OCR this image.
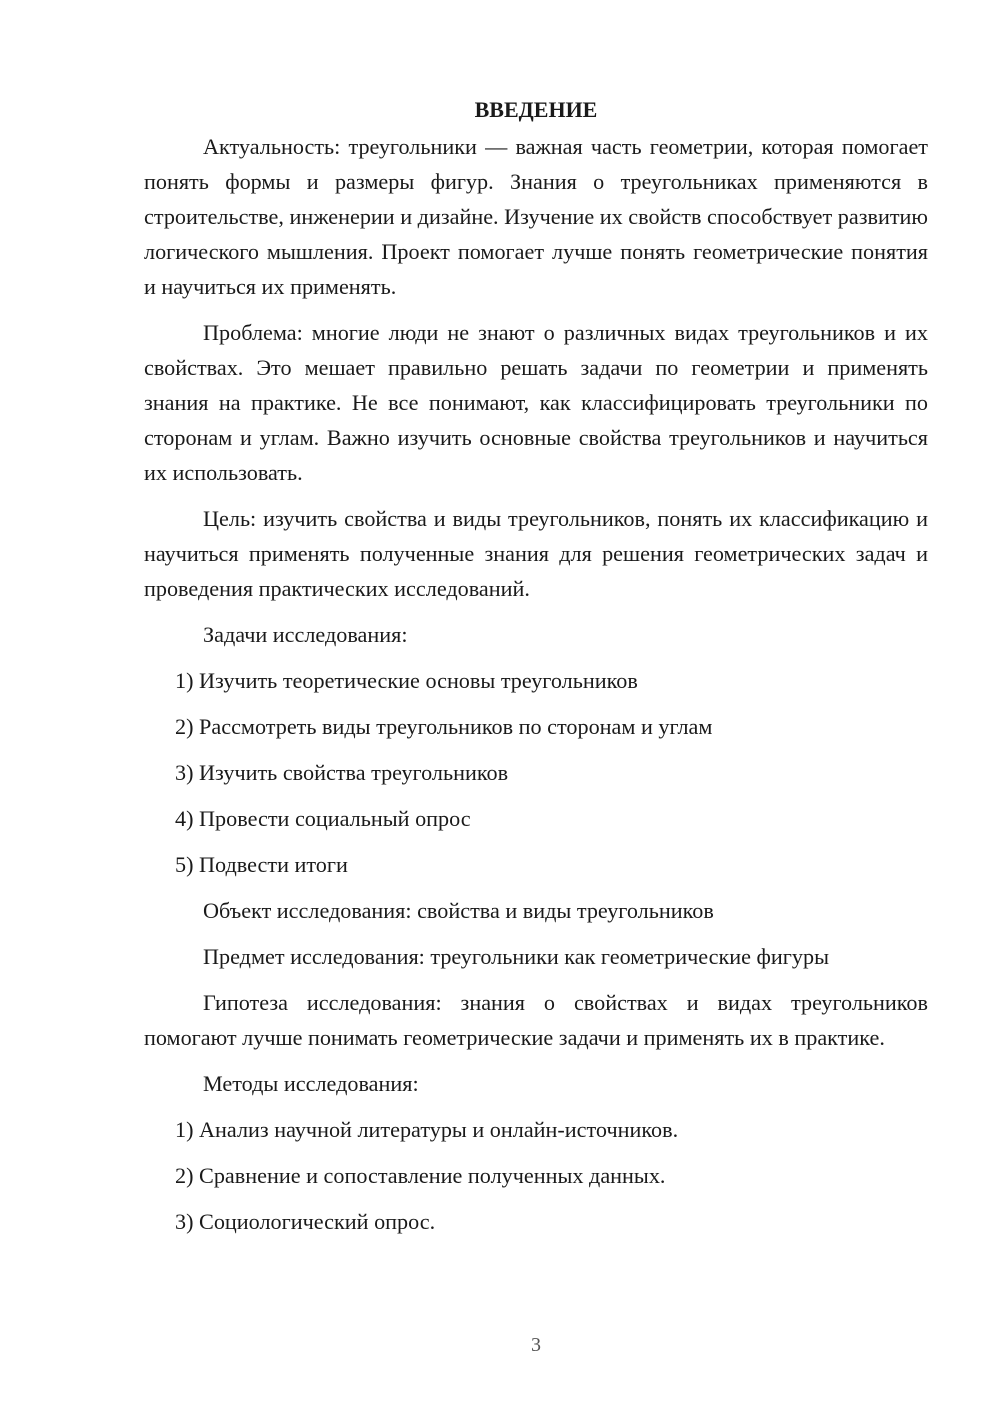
ВВЕДЕНИЕ

Актуальность: треугольники — важная часть геометрии, которая помогает понять формы и размеры фигур. Знания о треугольниках применяются в строительстве, инженерии и дизайне. Изучение их свойств способствует развитию логического мышления. Проект помогает лучше понять геометрические понятия и научиться их применять.

Проблема: многие люди не знают о различных видах треугольников и их свойствах. Это мешает правильно решать задачи по геометрии и применять знания на практике. Не все понимают, как классифицировать треугольники по сторонам и углам. Важно изучить основные свойства треугольников и научиться их использовать.

Цель: изучить свойства и виды треугольников, понять их классификацию и научиться применять полученные знания для решения геометрических задач и проведения практических исследований.

Задачи исследования:

1) Изучить теоретические основы треугольников
2) Рассмотреть виды треугольников по сторонам и углам
3) Изучить свойства треугольников
4) Провести социальный опрос
5) Подвести итоги

Объект исследования: свойства и виды треугольников

Предмет исследования: треугольники как геометрические фигуры

Гипотеза исследования: знания о свойствах и видах треугольников помогают лучше понимать геометрические задачи и применять их в практике.

Методы исследования:

1) Анализ научной литературы и онлайн-источников.
2) Сравнение и сопоставление полученных данных.
3) Социологический опрос.
3
